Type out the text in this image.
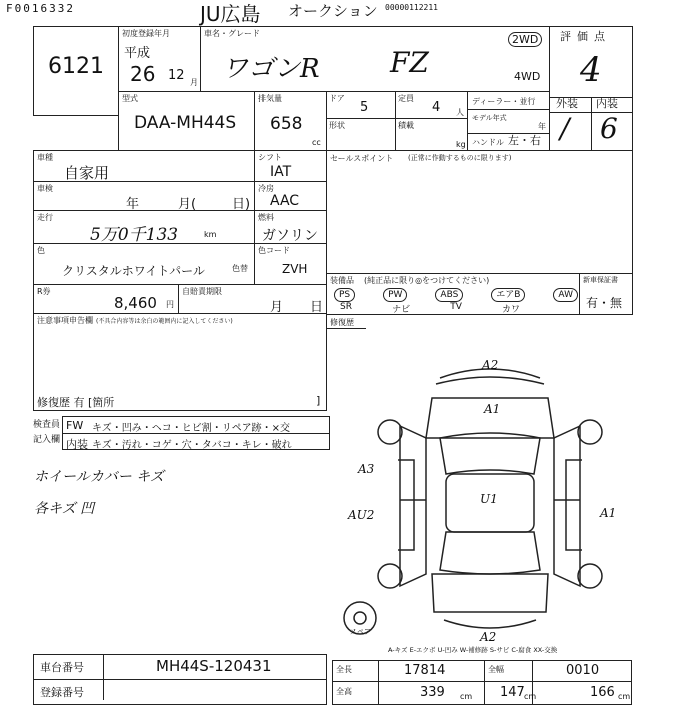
F0016332	JU広島 オークション 00000112211
6121
初度登録年月
平成
26 12 月
車名・グレード
ワゴンR	FZ
2WD
4WD
評価点
4
型式
DAA-MH44S
排気量
658
cc
ドア
5
定員
4 人
形状	積載
kg
ディーラー・並行
モデル年式
年
ハンドル 左・右
外装 内装
/ 6
車種
自家用
シフト
IAT
車検
年	月(	日)
冷房
AAC
走行
5万0千133	km
燃料
ガソリン
色
クリスタルホワイトパール	色替
色コード
ZVH
R券
8,460 円
自賠責期限
月 日
セールスポイント (正常に作動するものに限ります)
装備品 (純正品に限り◎をつけてください)
PS	PW	ABS	エアB	AW
SR	ナビ	TV	カワ
新車保証書
有・無
修復歴
注意事項申告欄 (不具合内容等は余白の範囲内に記入してください)
修復歴 有 [箇所	]
検査員
記入欄
FW キズ・凹み・ヘコ・ヒビ割・リペア跡・×交
内装 キズ・汚れ・コゲ・穴・タバコ・キレ・破れ
ホイールカバー キズ
各キズ 凹
A2
A1
A3
AU2
U1
A1
A2
スペア
A-キズ E-エクボ U-凹み W-補修跡 S-サビ C-腐食 XX-交換
車台番号	MH44S-120431
登録番号
全長	17814	全幅	0010
全高	339 cm 147 cm	166 cm
